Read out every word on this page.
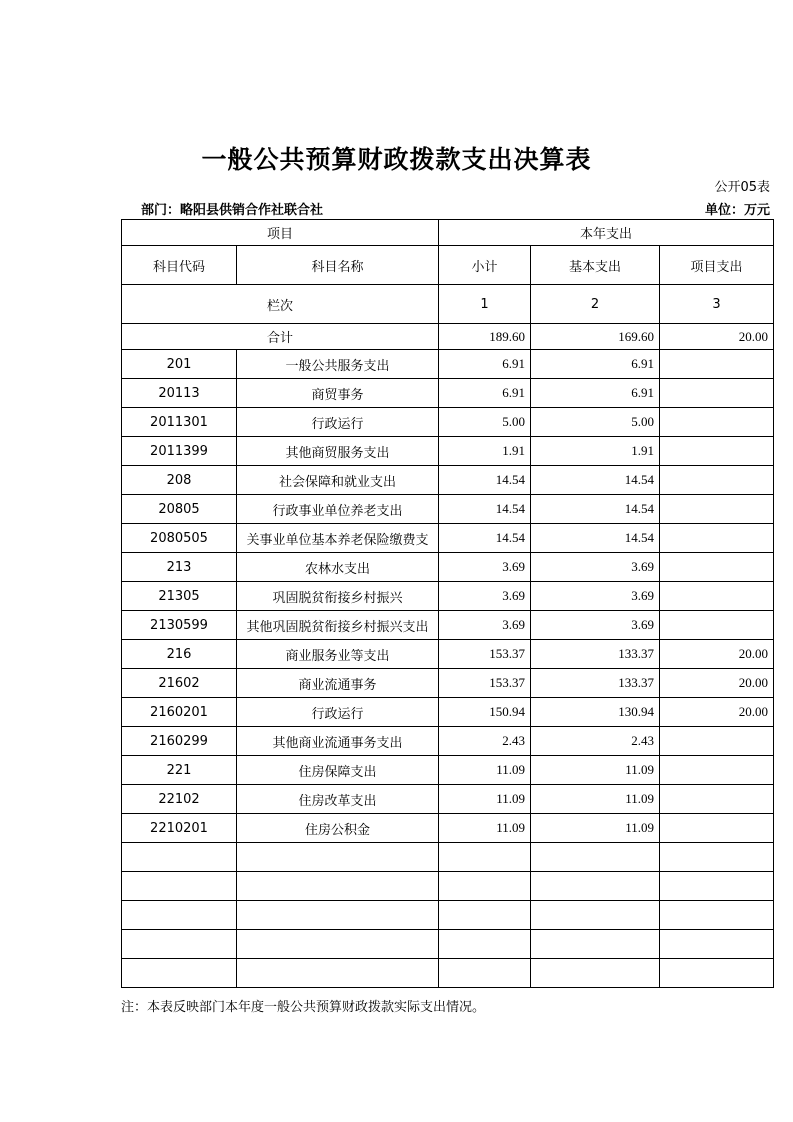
一般公共预算财政拨款支出决算表
公开05表
部门：略阳县供销合作社联合社	单位：万元
项目		本年支出		
科目代码	科目名称	小计	基本支出	项目支出
栏次		1	2	3
合计		189.60	169.60	20.00
201	一般公共服务支出	6.91	6.91	
20113	商贸事务	6.91	6.91	
2011301	行政运行	5.00	5.00	
2011399	其他商贸服务支出	1.91	1.91	
208	社会保障和就业支出	14.54	14.54	
20805	行政事业单位养老支出	14.54	14.54	
2080505	关事业单位基本养老保险缴费支	14.54	14.54	
213	农林水支出	3.69	3.69	
21305	巩固脱贫衔接乡村振兴	3.69	3.69	
2130599	其他巩固脱贫衔接乡村振兴支出	3.69	3.69	
216	商业服务业等支出	153.37	133.37	20.00
21602	商业流通事务	153.37	133.37	20.00
2160201	行政运行	150.94	130.94	20.00
2160299	其他商业流通事务支出	2.43	2.43	
221	住房保障支出	11.09	11.09	
22102	住房改革支出	11.09	11.09	
2210201	住房公积金	11.09	11.09	

注：本表反映部门本年度一般公共预算财政拨款实际支出情况。
